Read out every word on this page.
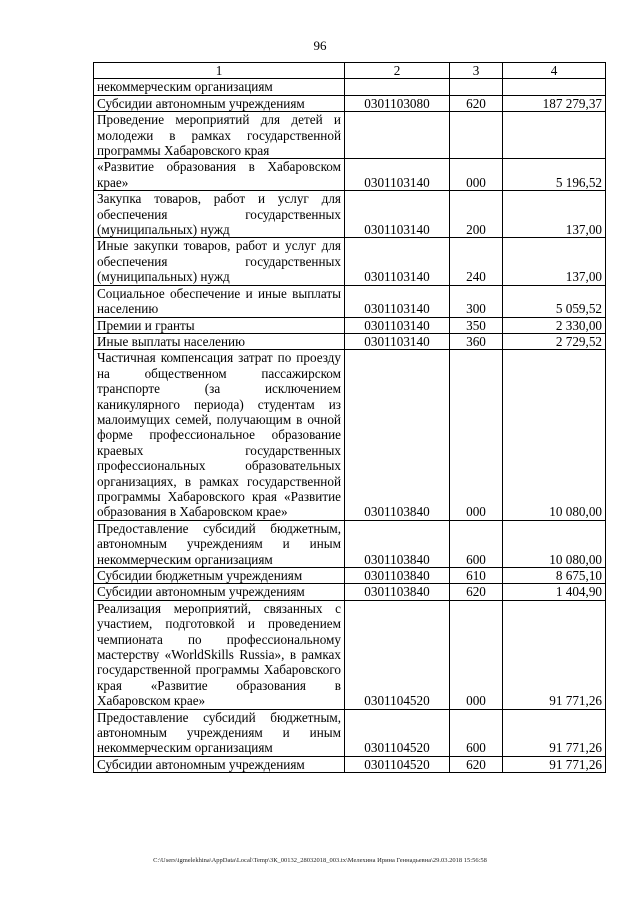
96
1	2	3	4
некоммерческим организациям			
Субсидии автономным учреждениям	0301103080	620	187 279,37
Проведение мероприятий для детей и молодежи в рамках государственной программы Хабаровского края			
«Развитие образования в Хабаровском крае»	0301103140	000	5 196,52
Закупка товаров, работ и услуг для обеспечения государственных (муниципальных) нужд	0301103140	200	137,00
Иные закупки товаров, работ и услуг для обеспечения государственных (муниципальных) нужд	0301103140	240	137,00
Социальное обеспечение и иные выплаты населению	0301103140	300	5 059,52
Премии и гранты	0301103140	350	2 330,00
Иные выплаты населению	0301103140	360	2 729,52
Частичная компенсация затрат по проезду на общественном пассажирском транспорте (за исключением каникулярного периода) студентам из малоимущих семей, получающим в очной форме профессиональное образование краевых государственных профессиональных образовательных организациях, в рамках государственной программы Хабаровского края «Развитие образования в Хабаровском крае»	0301103840	000	10 080,00
Предоставление субсидий бюджетным, автономным учреждениям и иным некоммерческим организациям	0301103840	600	10 080,00
Субсидии бюджетным учреждениям	0301103840	610	8 675,10
Субсидии автономным учреждениям	0301103840	620	1 404,90
Реализация мероприятий, связанных с участием, подготовкой и проведением чемпионата по профессиональному мастерству «WorldSkills Russia», в рамках государственной программы Хабаровского края «Развитие образования в Хабаровском крае»	0301104520	000	91 771,26
Предоставление субсидий бюджетным, автономным учреждениям и иным некоммерческим организациям	0301104520	600	91 771,26
Субсидии автономным учреждениям	0301104520	620	91 771,26
C:\Users\igmelekhina\AppData\Local\Temp\ЗК_00132_28032018_003.tx\Мелехина Ирина Геннадьевна\29.03.2018 15:56:58
